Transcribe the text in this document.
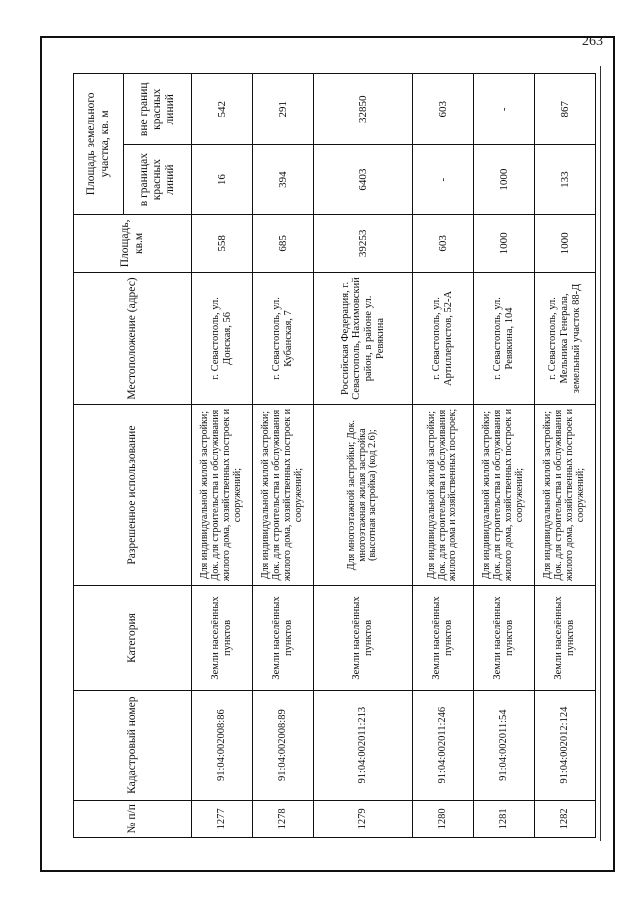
263
№ п/п	Кадастровый номер	Категория	Разрешенное использование	Местоположение (адрес)	Площадь, кв.м	Площадь земельного участка, кв. м	
						в границах красных линий	вне границ красных линий
1277	91:04:002008:86	Земли населённых пунктов	Для индивидуальной жилой застройки; Док. для строительства и обслуживания жилого дома, хозяйственных построек и сооружений;	г. Севастополь, ул. Донская, 56	558	16	542
1278	91:04:002008:89	Земли населённых пунктов	Для индивидуальной жилой застройки; Док. для строительства и обслуживания жилого дома, хозяйственных построек и сооружений;	г. Севастополь, ул. Кубанская, 7	685	394	291
1279	91:04:002011:213	Земли населённых пунктов	Для многоэтажной застройки; Док. многоэтажная жилая застройка (высотная застройка) (код 2.6);	Российская Федерация, г. Севастополь, Нахимовский район, в районе ул. Ревякина	39253	6403	32850
1280	91:04:002011:246	Земли населённых пунктов	Для индивидуальной жилой застройки; Док. для строительства и обслуживания жилого дома и хозяйственных построек;	г. Севастополь, ул. Артиллеристов, 52-А	603	-	603
1281	91:04:002011:54	Земли населённых пунктов	Для индивидуальной жилой застройки; Док. для строительства и обслуживания жилого дома, хозяйственных построек и сооружений;	г. Севастополь, ул. Ревякина, 104	1000	1000	-
1282	91:04:002012:124	Земли населённых пунктов	Для индивидуальной жилой застройки; Док. для строительства и обслуживания жилого дома, хозяйственных построек и сооружений;	г. Севастополь, ул. Мельника Генерала, земельный участок 88-Д	1000	133	867
